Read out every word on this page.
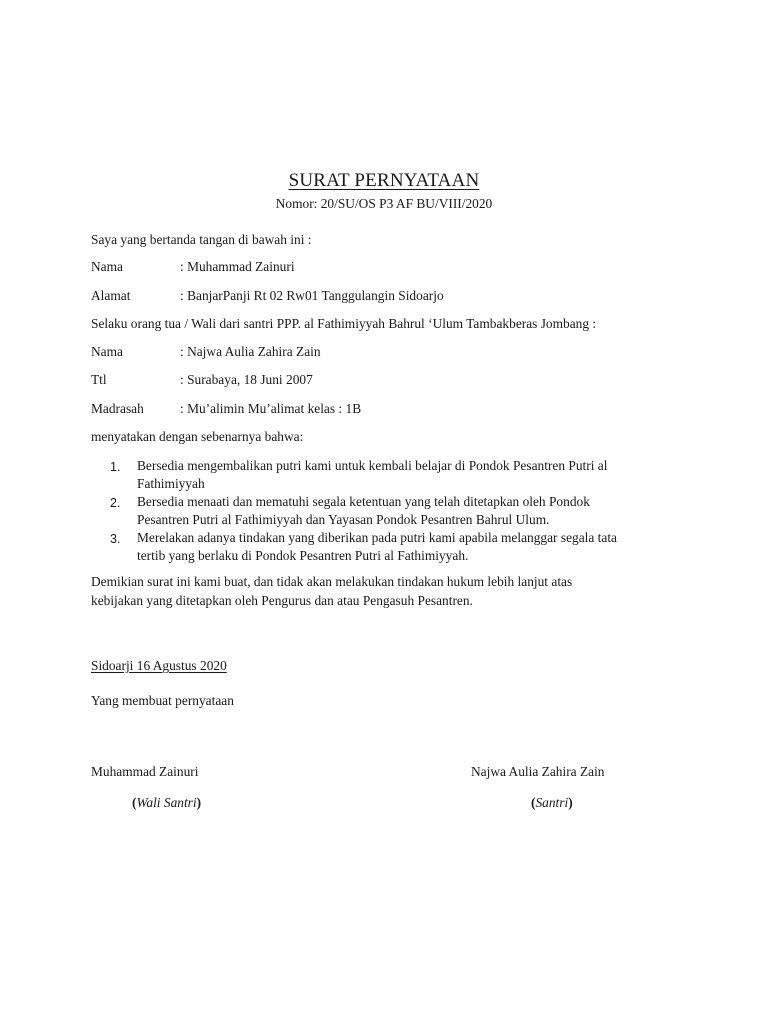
SURAT PERNYATAAN
Nomor: 20/SU/OS P3 AF BU/VIII/2020
Saya yang bertanda tangan di bawah ini :
Nama	: Muhammad Zainuri
Alamat	: BanjarPanji Rt 02 Rw01 Tanggulangin Sidoarjo
Selaku orang tua / Wali dari santri PPP. al Fathimiyyah Bahrul ‘Ulum Tambakberas Jombang :
Nama	: Najwa Aulia Zahira Zain
Ttl	: Surabaya, 18 Juni 2007
Madrasah	: Mu’alimin Mu’alimat kelas : 1B
menyatakan dengan sebenarnya bahwa:
1. Bersedia mengembalikan putri kami untuk kembali belajar di Pondok Pesantren Putri al
Fathimiyyah
2. Bersedia menaati dan mematuhi segala ketentuan yang telah ditetapkan oleh Pondok
Pesantren Putri al Fathimiyyah dan Yayasan Pondok Pesantren Bahrul Ulum.
3. Merelakan adanya tindakan yang diberikan pada putri kami apabila melanggar segala tata
tertib yang berlaku di Pondok Pesantren Putri al Fathimiyyah.
Demikian surat ini kami buat, dan tidak akan melakukan tindakan hukum lebih lanjut atas
kebijakan yang ditetapkan oleh Pengurus dan atau Pengasuh Pesantren.
Sidoarji 16 Agustus 2020
Yang membuat pernyataan
Muhammad Zainuri	Najwa Aulia Zahira Zain
(Wali Santri)	(Santri)
